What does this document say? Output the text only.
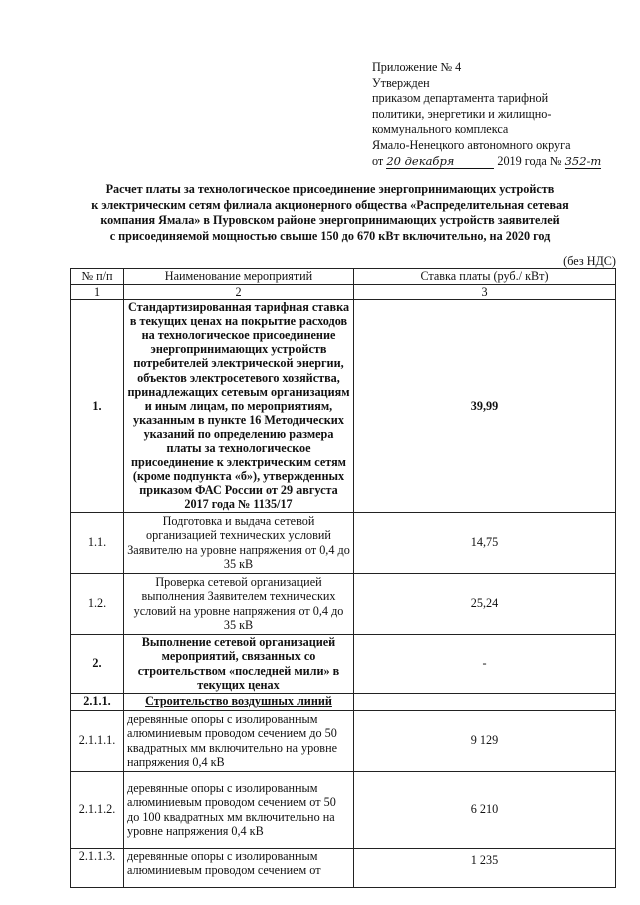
Приложение № 4
Утвержден
приказом департамента тарифной
политики, энергетики и жилищно-
коммунального комплекса
Ямало-Ненецкого автономного округа
от 20 декабря	2019 года № 352-т
Расчет платы за технологическое присоединение энергопринимающих устройств
к электрическим сетям филиала акционерного общества «Распределительная сетевая
компания Ямала» в Пуровском районе энергопринимающих устройств заявителей
с присоединяемой мощностью свыше 150 до 670 кВт включительно, на 2020 год
(без НДС)
№ п/п	Наименование мероприятий	Ставка платы (руб./ кВт)
1	2	3
1.	Стандартизированная тарифная ставка в текущих ценах на покрытие расходов на технологическое присоединение энергопринимающих устройств потребителей электрической энергии, объектов электросетевого хозяйства, принадлежащих сетевым организациям и иным лицам, по мероприятиям, указанным в пункте 16 Методических указаний по определению размера платы за технологическое присоединение к электрическим сетям (кроме подпункта «б»), утвержденных приказом ФАС России от 29 августа 2017 года № 1135/17	39,99
1.1.	Подготовка и выдача сетевой организацией технических условий Заявителю на уровне напряжения от 0,4 до 35 кВ	14,75
1.2.	Проверка сетевой организацией выполнения Заявителем технических условий на уровне напряжения от 0,4 до 35 кВ	25,24
2.	Выполнение сетевой организацией мероприятий, связанных со строительством «последней мили» в текущих ценах	-
2.1.1.	Строительство воздушных линий	
2.1.1.1.	деревянные опоры с изолированным алюминиевым проводом сечением до 50 квадратных мм включительно на уровне напряжения 0,4 кВ	9 129
2.1.1.2.	деревянные опоры с изолированным алюминиевым проводом сечением от 50 до 100 квадратных мм включительно на уровне напряжения 0,4 кВ	6 210
2.1.1.3.	деревянные опоры с изолированным алюминиевым проводом сечением от	1 235
